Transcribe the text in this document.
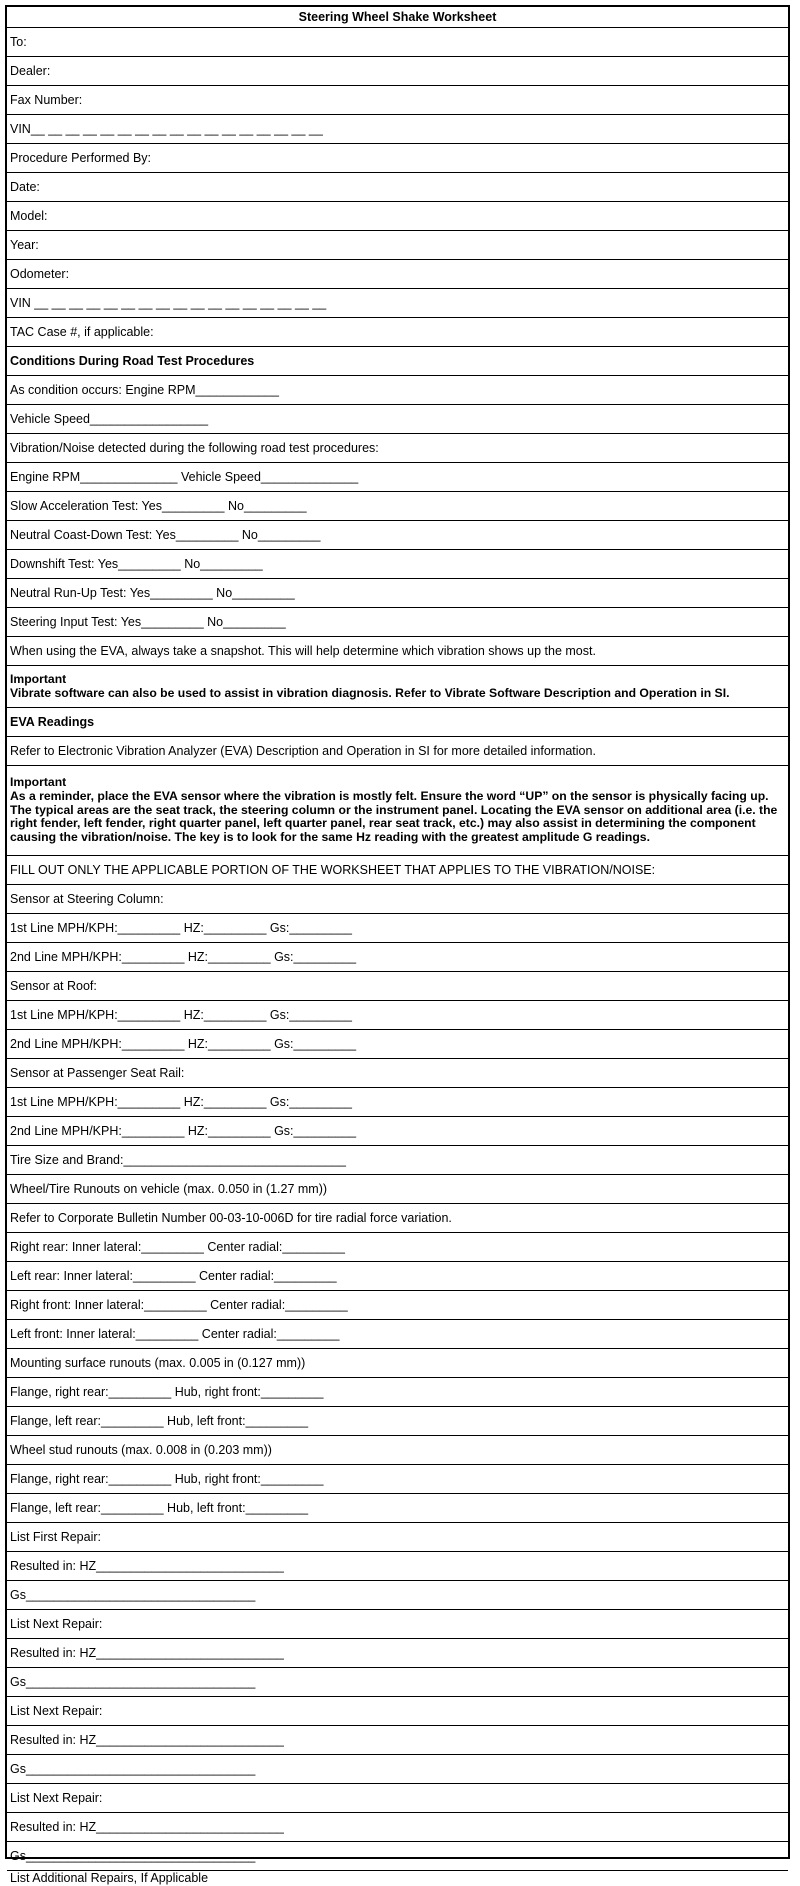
Steering Wheel Shake Worksheet
To:
Dealer:
Fax Number:
VIN__ __ __ __ __ __ __ __ __ __ __ __ __ __ __ __ __
Procedure Performed By:
Date:
Model:
Year:
Odometer:
VIN __ __ __ __ __ __ __ __ __ __ __ __ __ __ __ __ __
TAC Case #, if applicable:
Conditions During Road Test Procedures
As condition occurs: Engine RPM____________
Vehicle Speed_________________
Vibration/Noise detected during the following road test procedures:
Engine RPM______________ Vehicle Speed______________
Slow Acceleration Test: Yes_________ No_________
Neutral Coast-Down Test: Yes_________ No_________
Downshift Test: Yes_________ No_________
Neutral Run-Up Test: Yes_________ No_________
Steering Input Test: Yes_________ No_________
When using the EVA, always take a snapshot. This will help determine which vibration shows up the most.
Important
Vibrate software can also be used to assist in vibration diagnosis. Refer to Vibrate Software Description and Operation in SI.
EVA Readings
Refer to Electronic Vibration Analyzer (EVA) Description and Operation in SI for more detailed information.
Important
As a reminder, place the EVA sensor where the vibration is mostly felt. Ensure the word “UP” on the sensor is physically facing up. The typical areas are the seat track, the steering column or the instrument panel. Locating the EVA sensor on additional area (i.e. the right fender, left fender, right quarter panel, left quarter panel, rear seat track, etc.) may also assist in determining the component causing the vibration/noise. The key is to look for the same Hz reading with the greatest amplitude G readings.
FILL OUT ONLY THE APPLICABLE PORTION OF THE WORKSHEET THAT APPLIES TO THE VIBRATION/NOISE:
Sensor at Steering Column:
1st Line MPH/KPH:_________ HZ:_________ Gs:_________
2nd Line MPH/KPH:_________ HZ:_________ Gs:_________
Sensor at Roof:
1st Line MPH/KPH:_________ HZ:_________ Gs:_________
2nd Line MPH/KPH:_________ HZ:_________ Gs:_________
Sensor at Passenger Seat Rail:
1st Line MPH/KPH:_________ HZ:_________ Gs:_________
2nd Line MPH/KPH:_________ HZ:_________ Gs:_________
Tire Size and Brand:________________________________
Wheel/Tire Runouts on vehicle (max. 0.050 in (1.27 mm))
Refer to Corporate Bulletin Number 00-03-10-006D for tire radial force variation.
Right rear: Inner lateral:_________ Center radial:_________
Left rear: Inner lateral:_________ Center radial:_________
Right front: Inner lateral:_________ Center radial:_________
Left front: Inner lateral:_________ Center radial:_________
Mounting surface runouts (max. 0.005 in (0.127 mm))
Flange, right rear:_________ Hub, right front:_________
Flange, left rear:_________ Hub, left front:_________
Wheel stud runouts (max. 0.008 in (0.203 mm))
Flange, right rear:_________ Hub, right front:_________
Flange, left rear:_________ Hub, left front:_________
List First Repair:
Resulted in: HZ___________________________
Gs_________________________________
List Next Repair:
Resulted in: HZ___________________________
Gs_________________________________
List Next Repair:
Resulted in: HZ___________________________
Gs_________________________________
List Next Repair:
Resulted in: HZ___________________________
Gs_________________________________
List Additional Repairs, If Applicable
